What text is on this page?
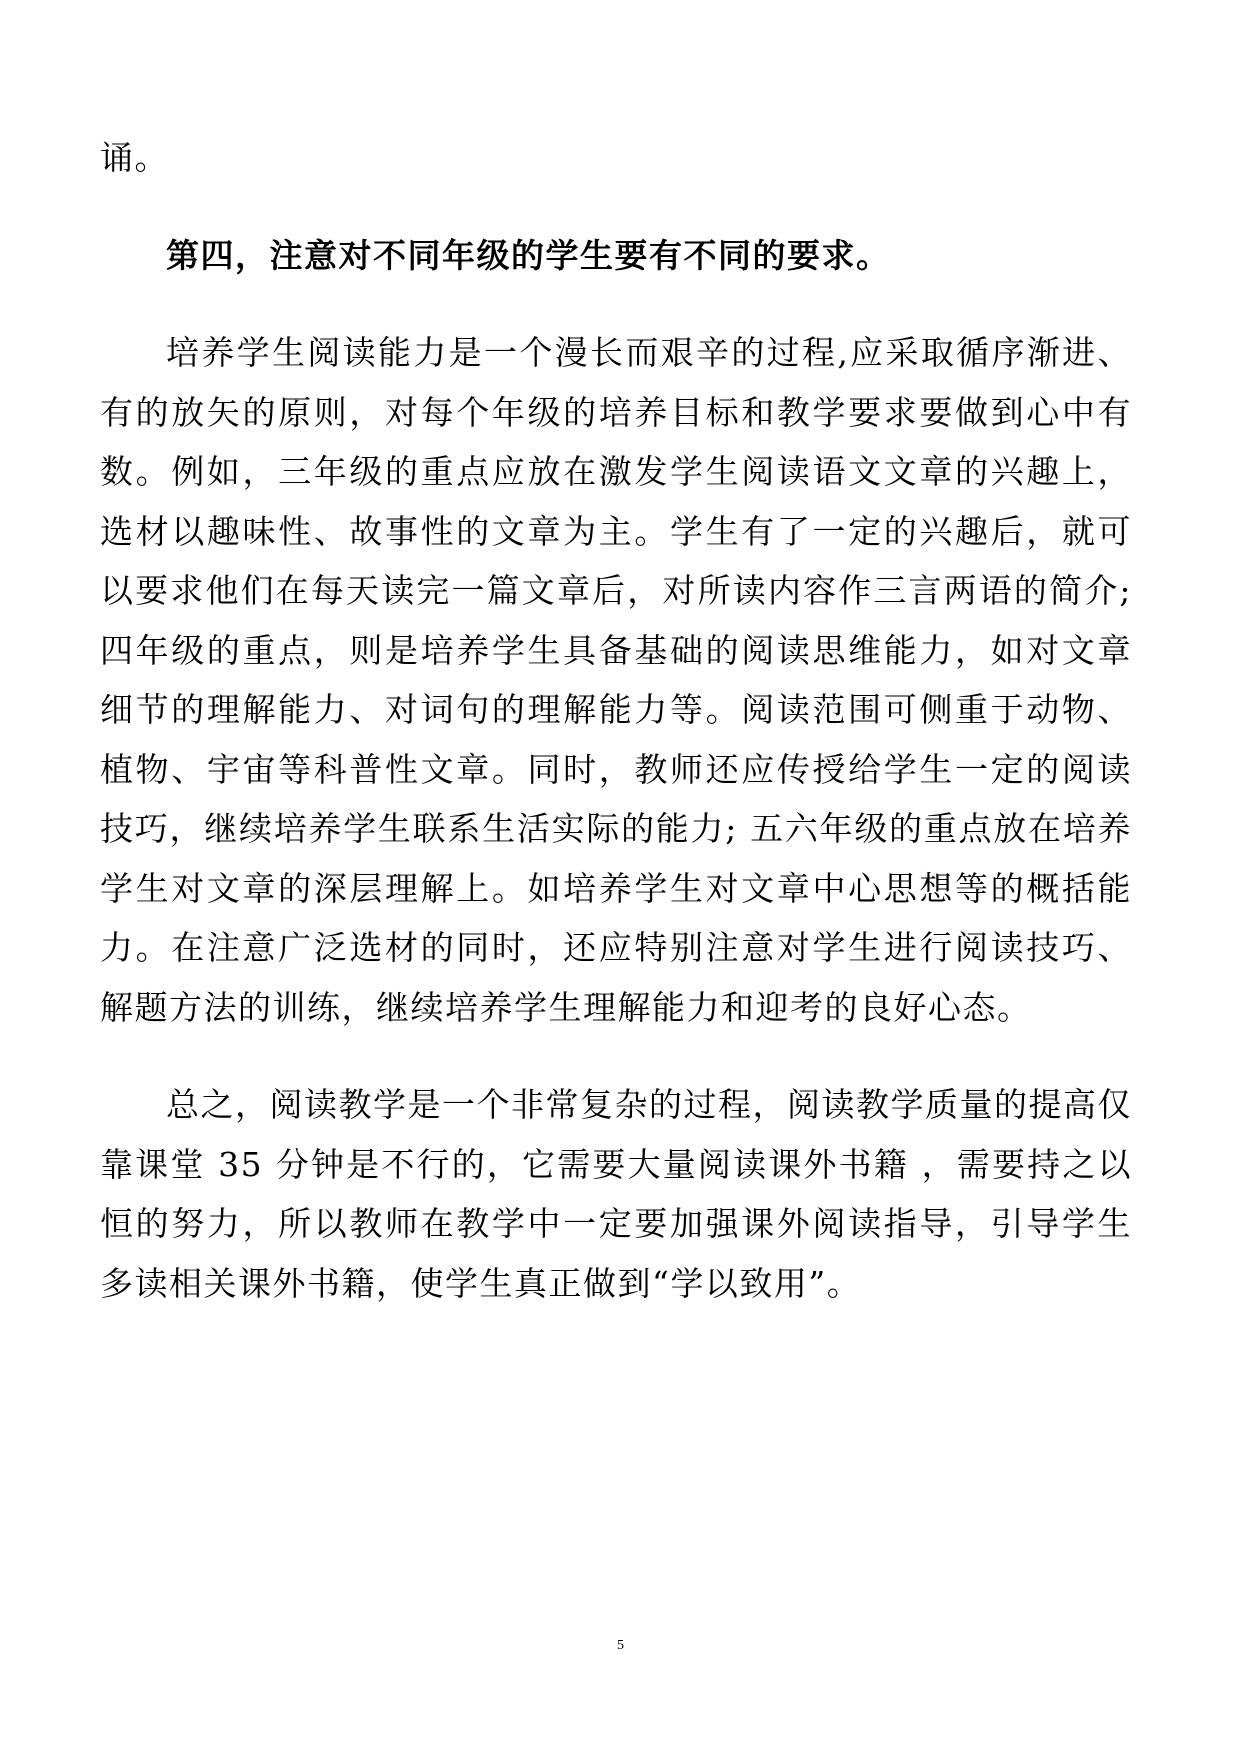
诵。

第四，注意对不同年级的学生要有不同的要求。

培养学生阅读能力是一个漫长而艰辛的过程,应采取循序渐进、有的放矢的原则，对每个年级的培养目标和教学要求要做到心中有数。例如，三年级的重点应放在激发学生阅读语文文章的兴趣上，选材以趣味性、故事性的文章为主。学生有了一定的兴趣后，就可以要求他们在每天读完一篇文章后，对所读内容作三言两语的简介; 四年级的重点，则是培养学生具备基础的阅读思维能力，如对文章细节的理解能力、对词句的理解能力等。阅读范围可侧重于动物、植物、宇宙等科普性文章。同时，教师还应传授给学生一定的阅读技巧，继续培养学生联系生活实际的能力; 五六年级的重点放在培养学生对文章的深层理解上。如培养学生对文章中心思想等的概括能力。在注意广泛选材的同时，还应特别注意对学生进行阅读技巧、解题方法的训练，继续培养学生理解能力和迎考的良好心态。

总之，阅读教学是一个非常复杂的过程，阅读教学质量的提高仅靠课堂 35 分钟是不行的，它需要大量阅读课外书籍 ，需要持之以恒的努力，所以教师在教学中一定要加强课外阅读指导，引导学生多读相关课外书籍，使学生真正做到“学以致用”。

5
